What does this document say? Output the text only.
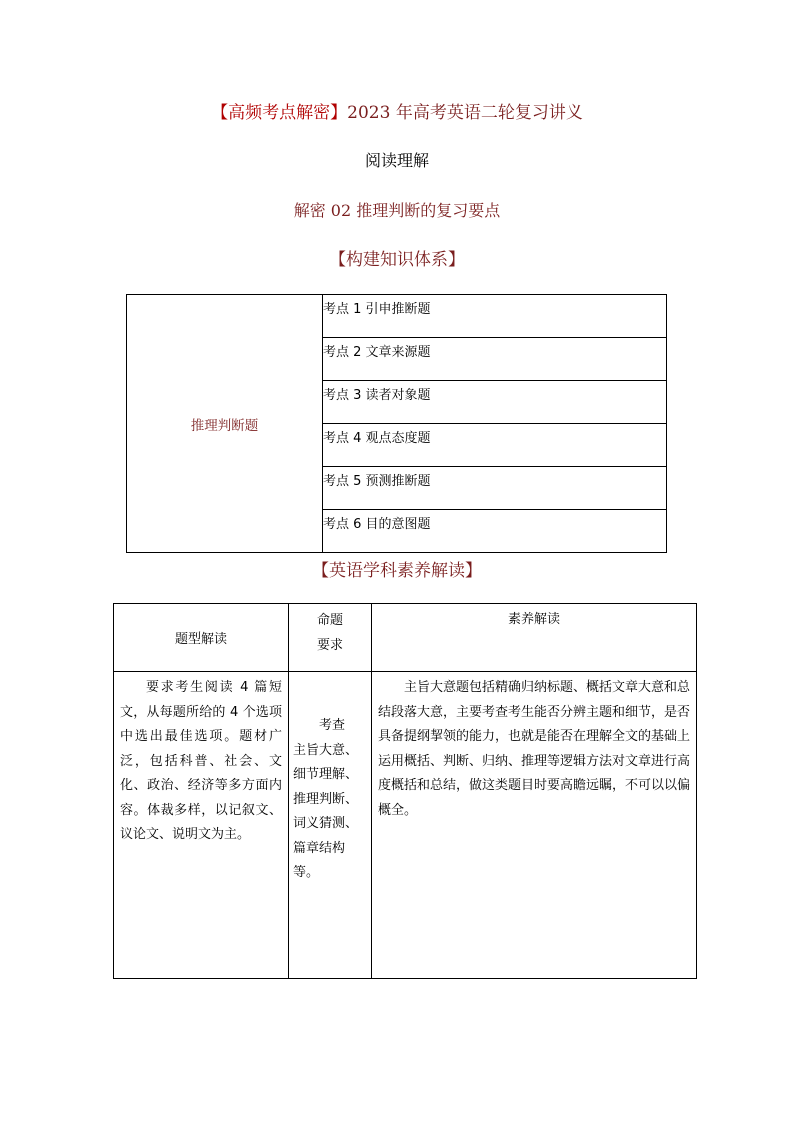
【高频考点解密】2023 年高考英语二轮复习讲义
阅读理解
解密 02 推理判断的复习要点
【构建知识体系】
推理判断题
考点 1 引申推断题
考点 2 文章来源题
考点 3 读者对象题
考点 4 观点态度题
考点 5 预测推断题
考点 6 目的意图题
【英语学科素养解读】
题型解读
命题
要求
素养解读
要求考生阅读 4 篇短文，从每题所给的 4 个选项中选出最佳选项。题材广泛，包括科普、社会、文化、政治、经济等多方面内容。体裁多样，以记叙文、议论文、说明文为主。
考查
主旨大意、细节理解、推理判断、词义猜测、篇章结构等。
主旨大意题包括精确归纳标题、概括文章大意和总结段落大意，主要考查考生能否分辨主题和细节，是否具备提纲挈领的能力，也就是能否在理解全文的基础上运用概括、判断、归纳、推理等逻辑方法对文章进行高度概括和总结，做这类题目时要高瞻远瞩，不可以以偏概全。
